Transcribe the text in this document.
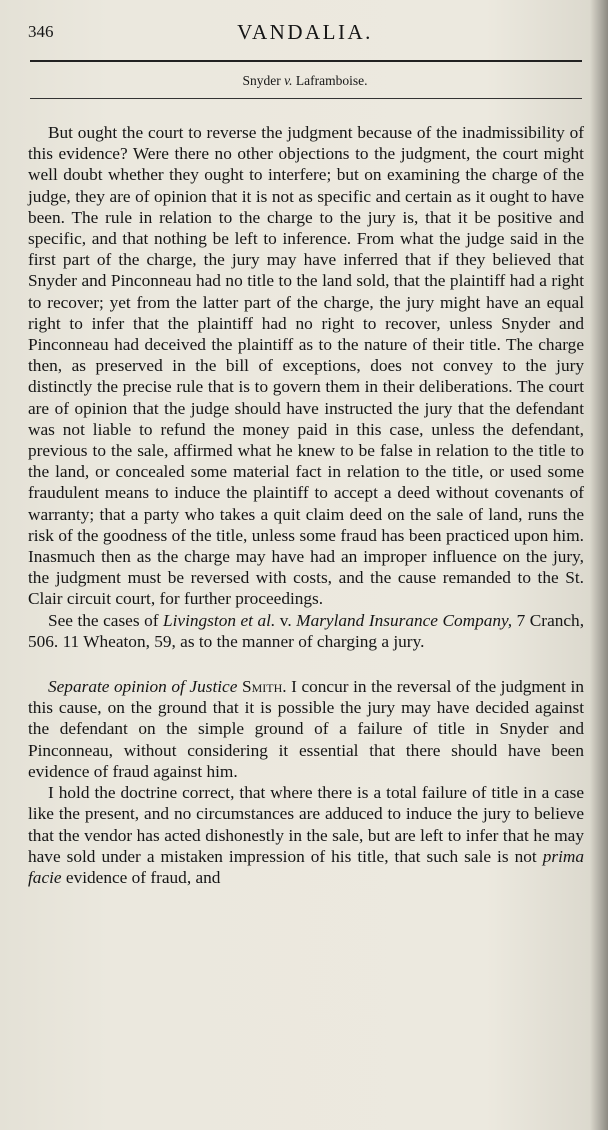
346	VANDALIA.
Snyder v. Laframboise.

But ought the court to reverse the judgment because of the inadmissibility of this evidence? Were there no other objections to the judgment, the court might well doubt whether they ought to interfere; but on examining the charge of the judge, they are of opinion that it is not as specific and certain as it ought to have been. The rule in relation to the charge to the jury is, that it be positive and specific, and that nothing be left to inference. From what the judge said in the first part of the charge, the jury may have inferred that if they believed that Snyder and Pinconneau had no title to the land sold, that the plaintiff had a right to recover; yet from the latter part of the charge, the jury might have an equal right to infer that the plaintiff had no right to recover, unless Snyder and Pinconneau had deceived the plaintiff as to the nature of their title. The charge then, as preserved in the bill of exceptions, does not convey to the jury distinctly the precise rule that is to govern them in their deliberations. The court are of opinion that the judge should have instructed the jury that the defendant was not liable to refund the money paid in this case, unless the defendant, previous to the sale, affirmed what he knew to be false in relation to the title to the land, or concealed some material fact in relation to the title, or used some fraudulent means to induce the plaintiff to accept a deed without covenants of warranty; that a party who takes a quit claim deed on the sale of land, runs the risk of the goodness of the title, unless some fraud has been practiced upon him. Inasmuch then as the charge may have had an improper influence on the jury, the judgment must be reversed with costs, and the cause remanded to the St. Clair circuit court, for further proceedings.

See the cases of Livingston et al. v. Maryland Insurance Company, 7 Cranch, 506. 11 Wheaton, 59, as to the manner of charging a jury.

Separate opinion of Justice Smith. I concur in the reversal of the judgment in this cause, on the ground that it is possible the jury may have decided against the defendant on the simple ground of a failure of title in Snyder and Pinconneau, without considering it essential that there should have been evidence of fraud against him.

I hold the doctrine correct, that where there is a total failure of title in a case like the present, and no circumstances are adduced to induce the jury to believe that the vendor has acted dishonestly in the sale, but are left to infer that he may have sold under a mistaken impression of his title, that such sale is not prima facie evidence of fraud, and
